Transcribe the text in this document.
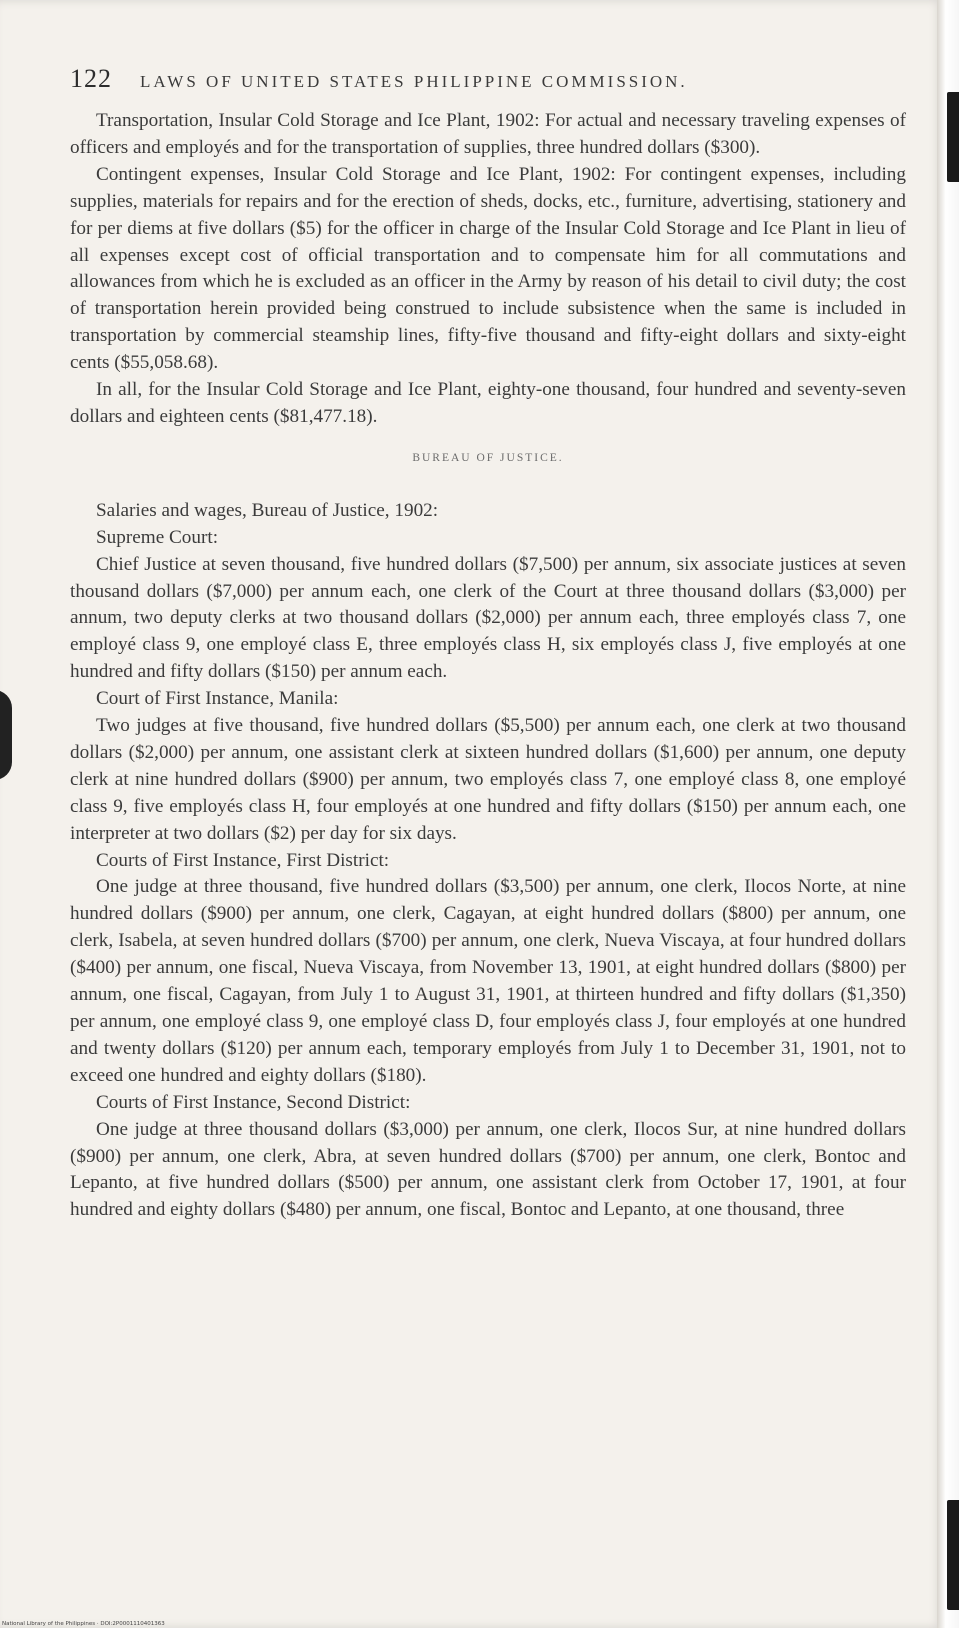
122 LAWS OF UNITED STATES PHILIPPINE COMMISSION.

Transportation, Insular Cold Storage and Ice Plant, 1902: For actual and necessary traveling expenses of officers and employés and for the transportation of supplies, three hundred dollars ($300).

Contingent expenses, Insular Cold Storage and Ice Plant, 1902: For contingent expenses, including supplies, materials for repairs and for the erection of sheds, docks, etc., furniture, advertising, stationery and for per diems at five dollars ($5) for the officer in charge of the Insular Cold Storage and Ice Plant in lieu of all expenses except cost of official transportation and to compensate him for all commutations and allowances from which he is excluded as an officer in the Army by reason of his detail to civil duty; the cost of transportation herein provided being construed to include subsistence when the same is included in transportation by commercial steamship lines, fifty-five thousand and fifty-eight dollars and sixty-eight cents ($55,058.68).

In all, for the Insular Cold Storage and Ice Plant, eighty-one thousand, four hundred and seventy-seven dollars and eighteen cents ($81,477.18).

BUREAU OF JUSTICE.

Salaries and wages, Bureau of Justice, 1902:

Supreme Court:

Chief Justice at seven thousand, five hundred dollars ($7,500) per annum, six associate justices at seven thousand dollars ($7,000) per annum each, one clerk of the Court at three thousand dollars ($3,000) per annum, two deputy clerks at two thousand dollars ($2,000) per annum each, three employés class 7, one employé class 9, one employé class E, three employés class H, six employés class J, five employés at one hundred and fifty dollars ($150) per annum each.

Court of First Instance, Manila:

Two judges at five thousand, five hundred dollars ($5,500) per annum each, one clerk at two thousand dollars ($2,000) per annum, one assistant clerk at sixteen hundred dollars ($1,600) per annum, one deputy clerk at nine hundred dollars ($900) per annum, two employés class 7, one employé class 8, one employé class 9, five employés class H, four employés at one hundred and fifty dollars ($150) per annum each, one interpreter at two dollars ($2) per day for six days.

Courts of First Instance, First District:

One judge at three thousand, five hundred dollars ($3,500) per annum, one clerk, Ilocos Norte, at nine hundred dollars ($900) per annum, one clerk, Cagayan, at eight hundred dollars ($800) per annum, one clerk, Isabela, at seven hundred dollars ($700) per annum, one clerk, Nueva Viscaya, at four hundred dollars ($400) per annum, one fiscal, Nueva Viscaya, from November 13, 1901, at eight hundred dollars ($800) per annum, one fiscal, Cagayan, from July 1 to August 31, 1901, at thirteen hundred and fifty dollars ($1,350) per annum, one employé class 9, one employé class D, four employés class J, four employés at one hundred and twenty dollars ($120) per annum each, temporary employés from July 1 to December 31, 1901, not to exceed one hundred and eighty dollars ($180).

Courts of First Instance, Second District:

One judge at three thousand dollars ($3,000) per annum, one clerk, Ilocos Sur, at nine hundred dollars ($900) per annum, one clerk, Abra, at seven hundred dollars ($700) per annum, one clerk, Bontoc and Lepanto, at five hundred dollars ($500) per annum, one assistant clerk from October 17, 1901, at four hundred and eighty dollars ($480) per annum, one fiscal, Bontoc and Lepanto, at one thousand, three

National Library of the Philippines · DOI:2P0001110401363
